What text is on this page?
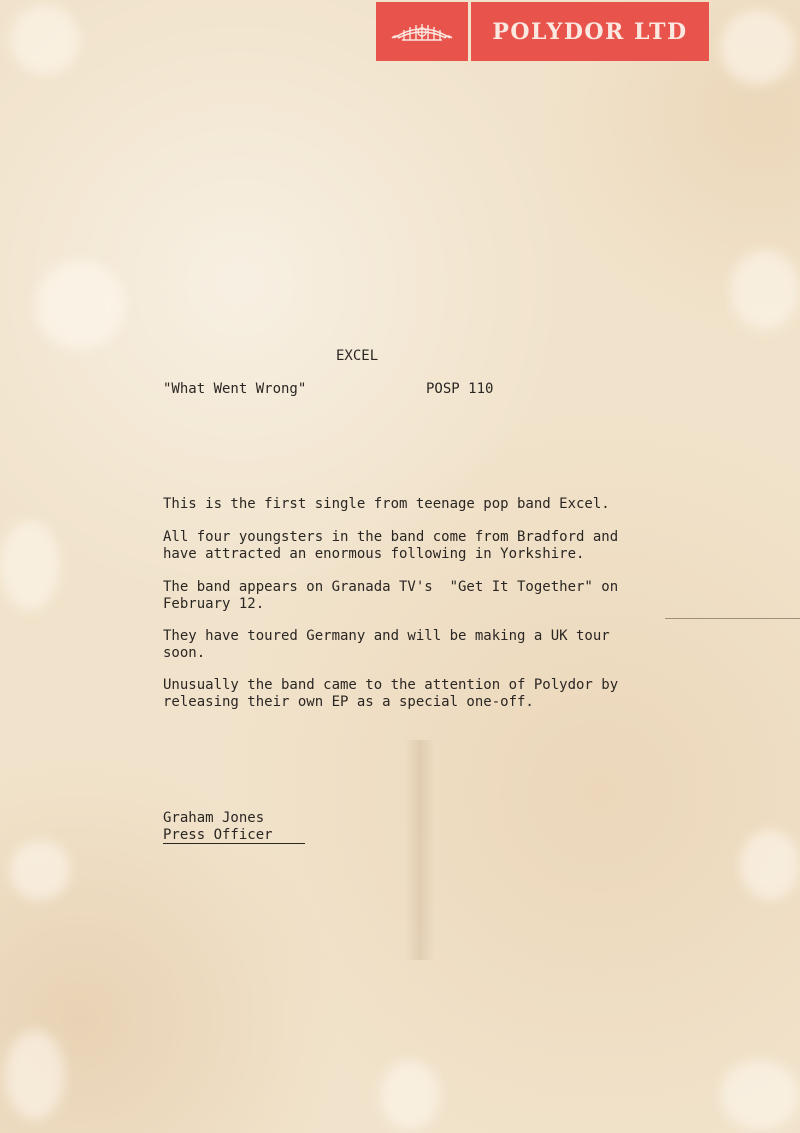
POLYDOR LTD

EXCEL

"What Went Wrong"	POSP 110

This is the first single from teenage pop band Excel.

All four youngsters in the band come from Bradford and
have attracted an enormous following in Yorkshire.

The band appears on Granada TV's  "Get It Together" on
February 12.

They have toured Germany and will be making a UK tour
soon.

Unusually the band came to the attention of Polydor by
releasing their own EP as a special one-off.

Graham Jones

Press Officer
